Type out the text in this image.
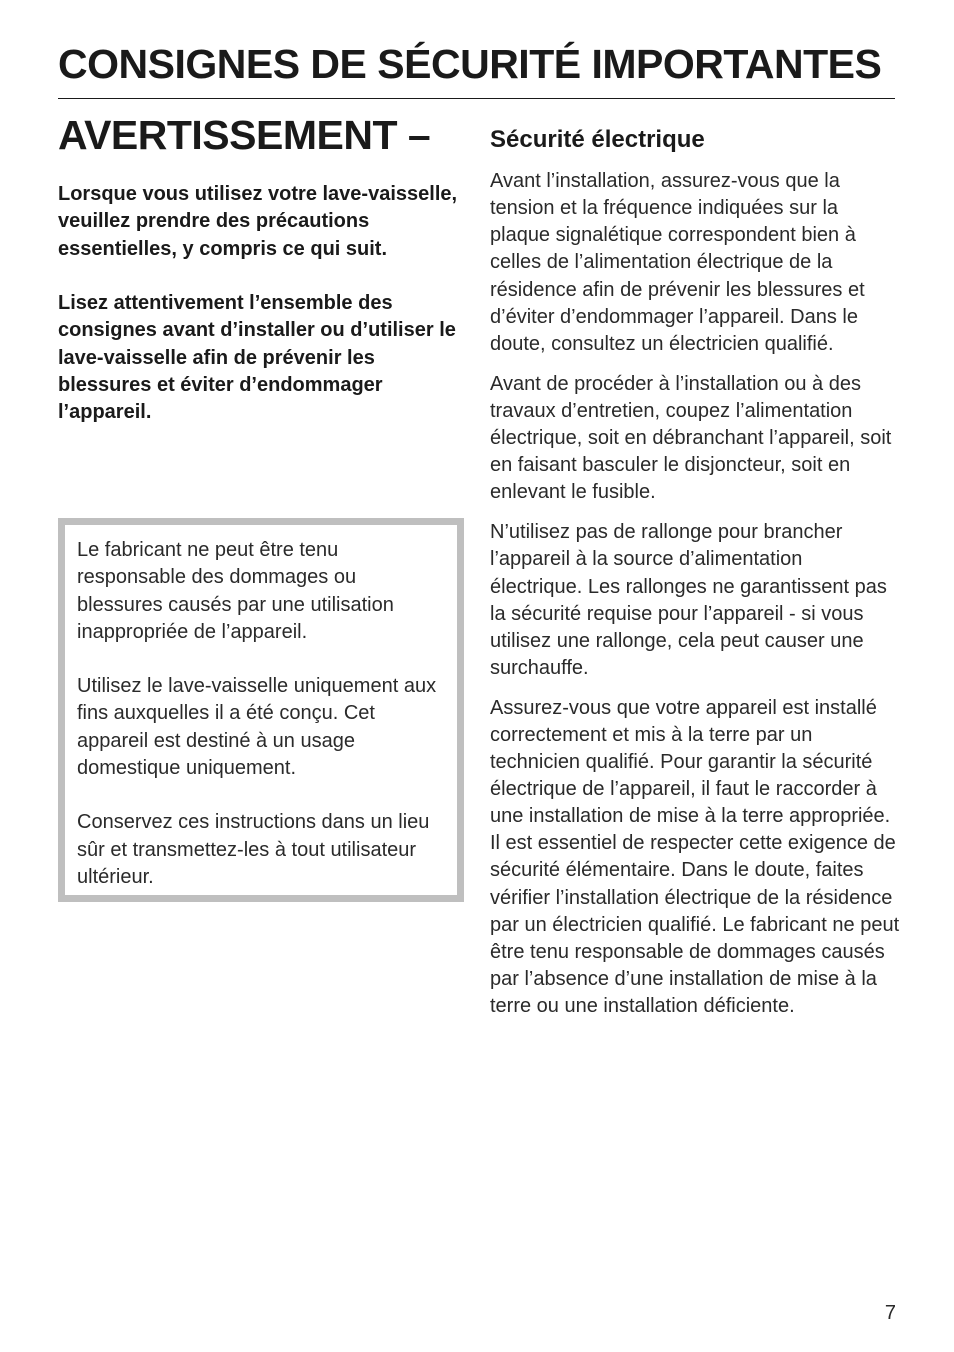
CONSIGNES DE SÉCURITÉ IMPORTANTES
AVERTISSEMENT –

Lorsque vous utilisez votre lave-vaisselle, veuillez prendre des précautions essentielles, y compris ce qui suit.

Lisez attentivement l’ensemble des consignes avant d’installer ou d’utiliser le lave-vaisselle afin de prévenir les blessures et éviter d’endommager l’appareil.

Le fabricant ne peut être tenu responsable des dommages ou blessures causés par une utilisation inappropriée de l’appareil.

Utilisez le lave-vaisselle uniquement aux fins auxquelles il a été conçu. Cet appareil est destiné à un usage domestique uniquement.

Conservez ces instructions dans un lieu sûr et transmettez-les à tout utilisateur ultérieur.

Sécurité électrique

Avant l’installation, assurez-vous que la tension et la fréquence indiquées sur la plaque signalétique correspondent bien à celles de l’alimentation électrique de la résidence afin de prévenir les blessures et d’éviter d’endommager l’appareil. Dans le doute, consultez un électricien qualifié.

Avant de procéder à l’installation ou à des travaux d’entretien, coupez l’alimentation électrique, soit en débranchant l’appareil, soit en faisant basculer le disjoncteur, soit en enlevant le fusible.

N’utilisez pas de rallonge pour brancher l’appareil à la source d’alimentation électrique. Les rallonges ne garantissent pas la sécurité requise pour l’appareil - si vous utilisez une rallonge, cela peut causer une surchauffe.

Assurez-vous que votre appareil est installé correctement et mis à la terre par un technicien qualifié. Pour garantir la sécurité électrique de l’appareil, il faut le raccorder à une installation de mise à la terre appropriée. Il est essentiel de respecter cette exigence de sécurité élémentaire. Dans le doute, faites vérifier l’installation électrique de la résidence par un électricien qualifié. Le fabricant ne peut être tenu responsable de dommages causés par l’absence d’une installation de mise à la terre ou une installation déficiente.

7
